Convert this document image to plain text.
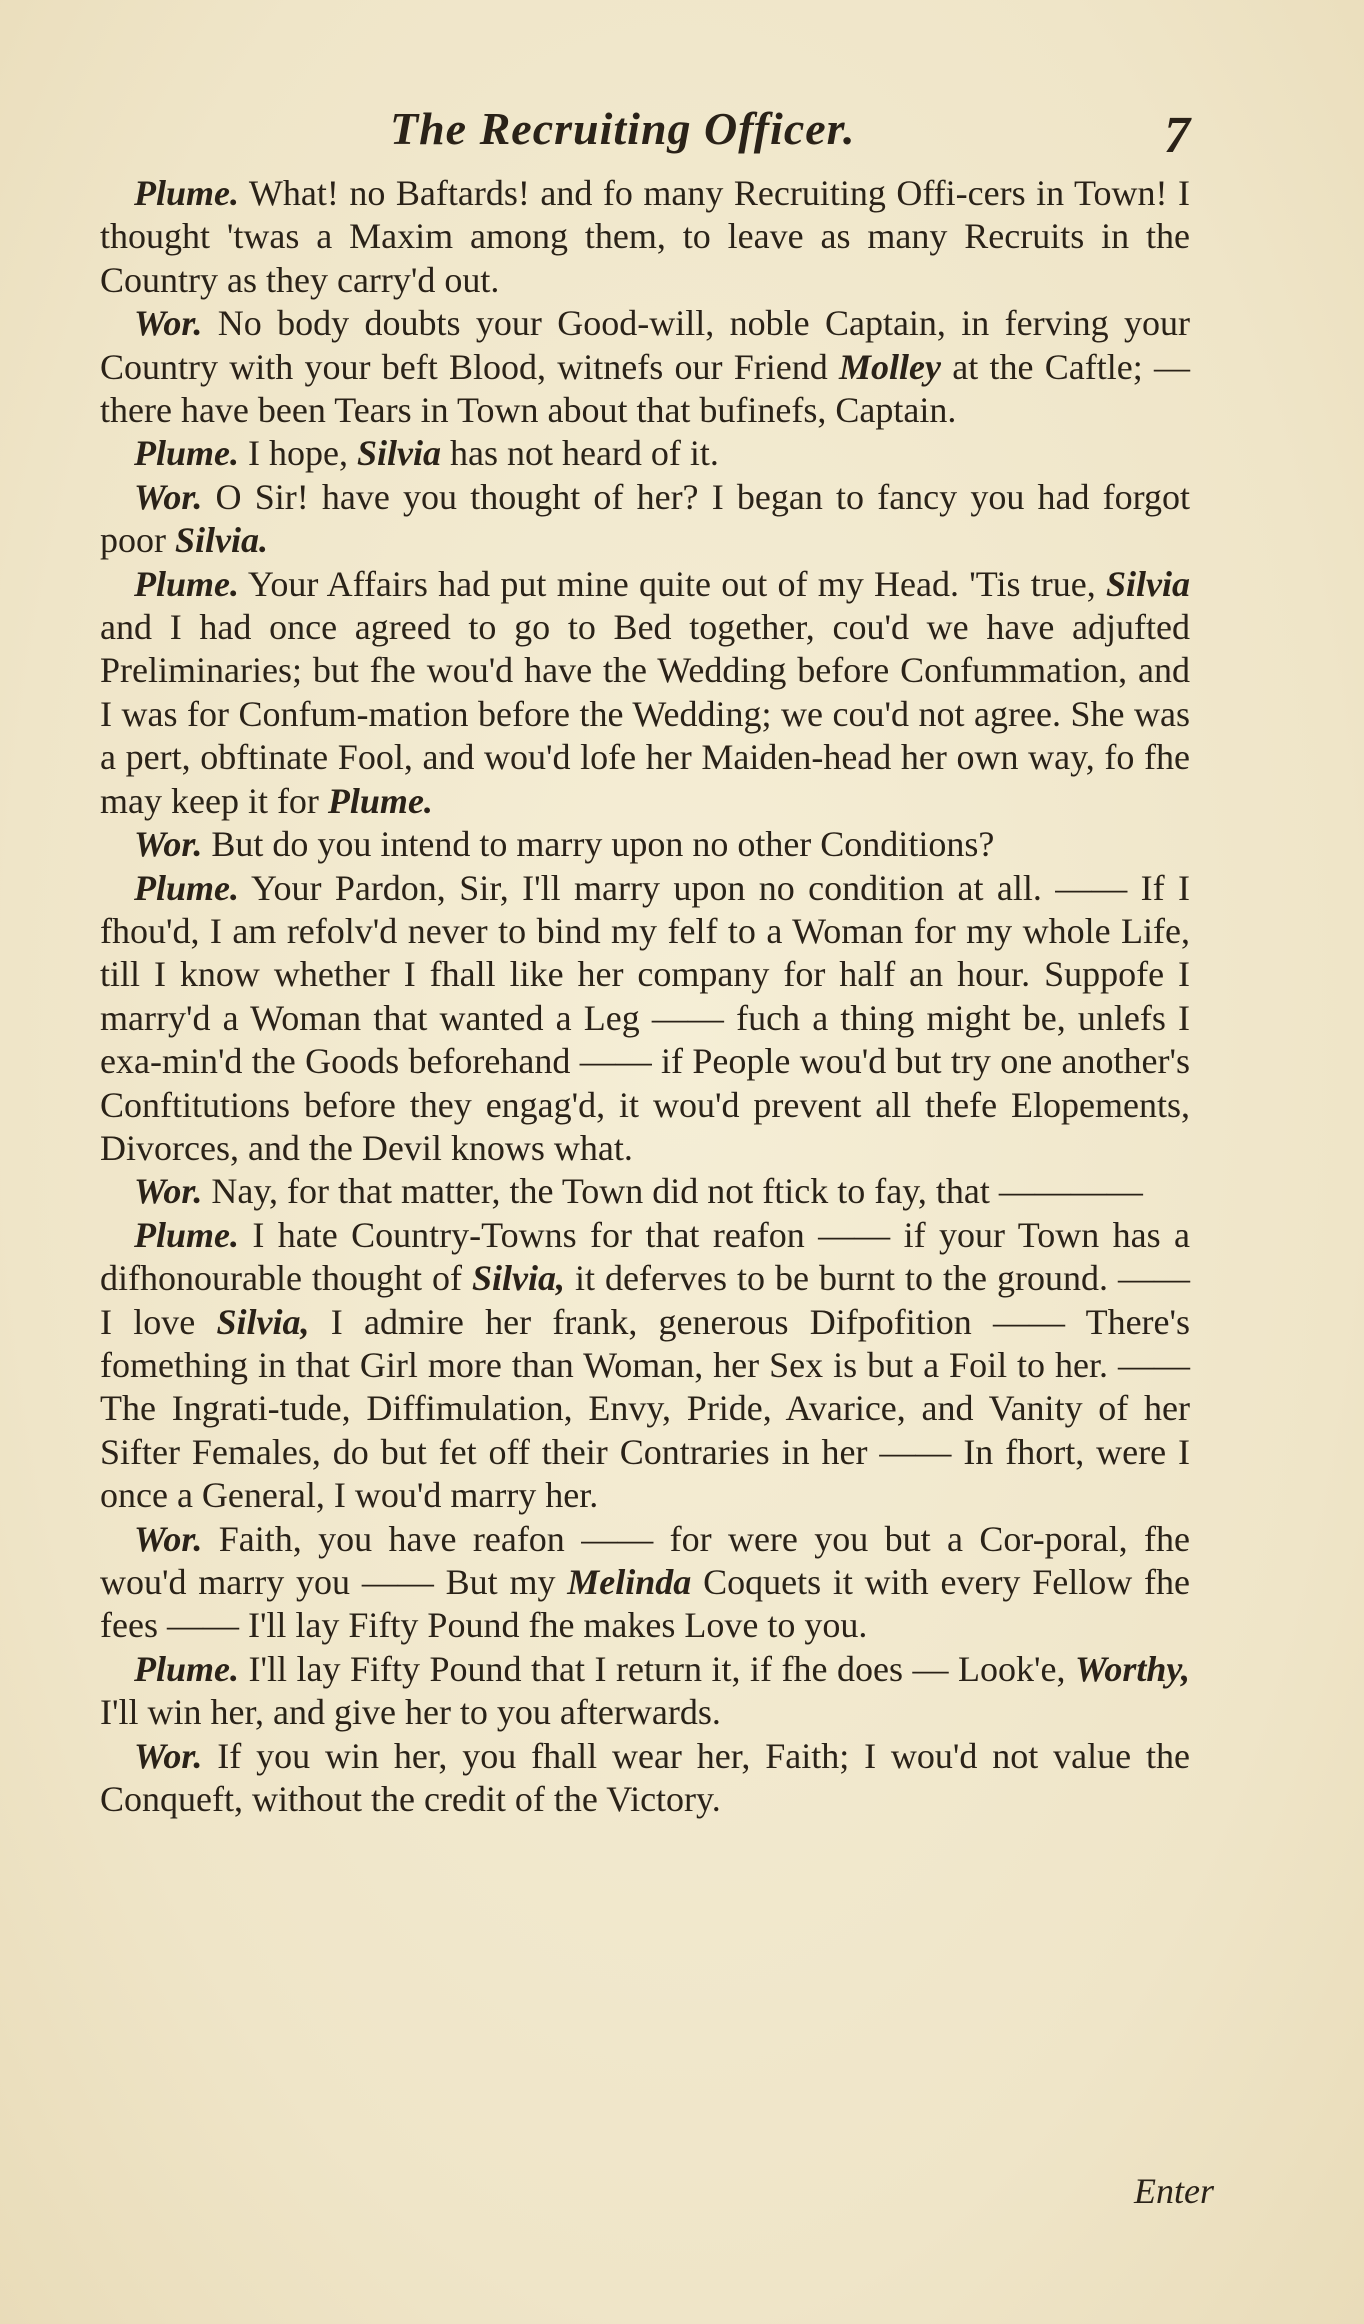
The Recruiting Officer.	7

Plume. What! no Baftards! and fo many Recruiting Offi-cers in Town! I thought 'twas a Maxim among them, to leave as many Recruits in the Country as they carry'd out.

Wor. No body doubts your Good-will, noble Captain, in ferving your Country with your beft Blood, witnefs our Friend Molley at the Caftle; — there have been Tears in Town about that bufinefs, Captain.

Plume. I hope, Silvia has not heard of it.

Wor. O Sir! have you thought of her? I began to fancy you had forgot poor Silvia.

Plume. Your Affairs had put mine quite out of my Head. 'Tis true, Silvia and I had once agreed to go to Bed together, cou'd we have adjufted Preliminaries; but fhe wou'd have the Wedding before Confummation, and I was for Confum-mation before the Wedding; we cou'd not agree. She was a pert, obftinate Fool, and wou'd lofe her Maiden-head her own way, fo fhe may keep it for Plume.

Wor. But do you intend to marry upon no other Conditions?

Plume. Your Pardon, Sir, I'll marry upon no condition at all. —— If I fhou'd, I am refolv'd never to bind my felf to a Woman for my whole Life, till I know whether I fhall like her company for half an hour. Suppofe I marry'd a Woman that wanted a Leg —— fuch a thing might be, unlefs I exa-min'd the Goods beforehand —— if People wou'd but try one another's Conftitutions before they engag'd, it wou'd prevent all thefe Elopements, Divorces, and the Devil knows what.

Wor. Nay, for that matter, the Town did not ftick to fay, that ————

Plume. I hate Country-Towns for that reafon —— if your Town has a difhonourable thought of Silvia, it deferves to be burnt to the ground. —— I love Silvia, I admire her frank, generous Difpofition —— There's fomething in that Girl more than Woman, her Sex is but a Foil to her. —— The Ingrati-tude, Diffimulation, Envy, Pride, Avarice, and Vanity of her Sifter Females, do but fet off their Contraries in her —— In fhort, were I once a General, I wou'd marry her.

Wor. Faith, you have reafon —— for were you but a Cor-poral, fhe wou'd marry you —— But my Melinda Coquets it with every Fellow fhe fees —— I'll lay Fifty Pound fhe makes Love to you.

Plume. I'll lay Fifty Pound that I return it, if fhe does — Look'e, Worthy, I'll win her, and give her to you afterwards.

Wor. If you win her, you fhall wear her, Faith; I wou'd not value the Conqueft, without the credit of the Victory.

Enter
